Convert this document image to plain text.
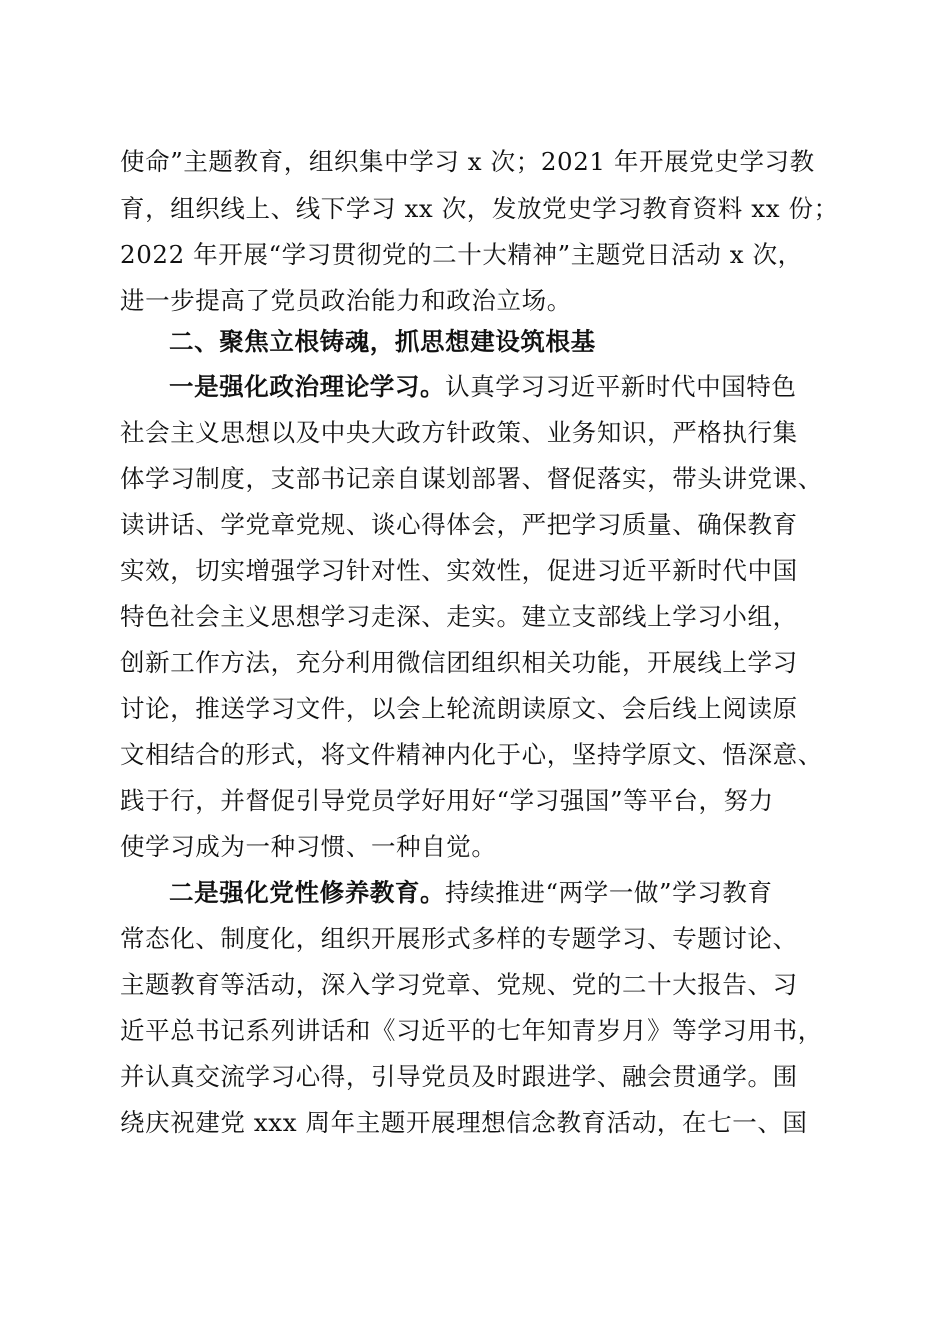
使命”主题教育，组织集中学习 x 次；2021 年开展党史学习教
育，组织线上、线下学习 xx 次，发放党史学习教育资料 xx 份；
2022 年开展“学习贯彻党的二十大精神”主题党日活动 x 次，
进一步提高了党员政治能力和政治立场。
二、聚焦立根铸魂，抓思想建设筑根基
一是强化政治理论学习。认真学习习近平新时代中国特色
社会主义思想以及中央大政方针政策、业务知识，严格执行集
体学习制度，支部书记亲自谋划部署、督促落实，带头讲党课、
读讲话、学党章党规、谈心得体会，严把学习质量、确保教育
实效，切实增强学习针对性、实效性，促进习近平新时代中国
特色社会主义思想学习走深、走实。建立支部线上学习小组，
创新工作方法，充分利用微信团组织相关功能，开展线上学习
讨论，推送学习文件，以会上轮流朗读原文、会后线上阅读原
文相结合的形式，将文件精神内化于心，坚持学原文、悟深意、
践于行，并督促引导党员学好用好“学习强国”等平台，努力
使学习成为一种习惯、一种自觉。
二是强化党性修养教育。持续推进“两学一做”学习教育
常态化、制度化，组织开展形式多样的专题学习、专题讨论、
主题教育等活动，深入学习党章、党规、党的二十大报告、习
近平总书记系列讲话和《习近平的七年知青岁月》等学习用书，
并认真交流学习心得，引导党员及时跟进学、融会贯通学。围
绕庆祝建党 xxx 周年主题开展理想信念教育活动，在七一、国
